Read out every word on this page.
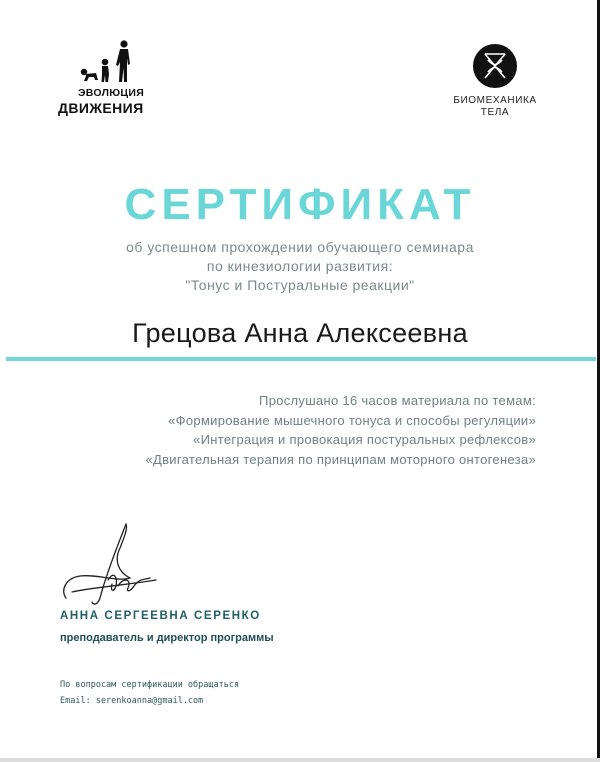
ЭВОЛЮЦИЯ
ДВИЖЕНИЯ	БИОМЕХАНИКА
ТЕЛА
СЕРТИФИКАТ
об успешном прохождении обучающего семинара
по кинезиологии развития:
"Тонус и Постуральные реакции"
Грецова Анна Алексеевна
Прослушано 16 часов материала по темам:
«Формирование мышечного тонуса и способы регуляции»
«Интеграция и провокация постуральных рефлексов»
«Двигательная терапия по принципам моторного онтогенеза»
АННА СЕРГЕЕВНА СЕРЕНКО
преподаватель и директор программы
По вопросам сертификации обращаться
Email: serenkoanna@gmail.com
